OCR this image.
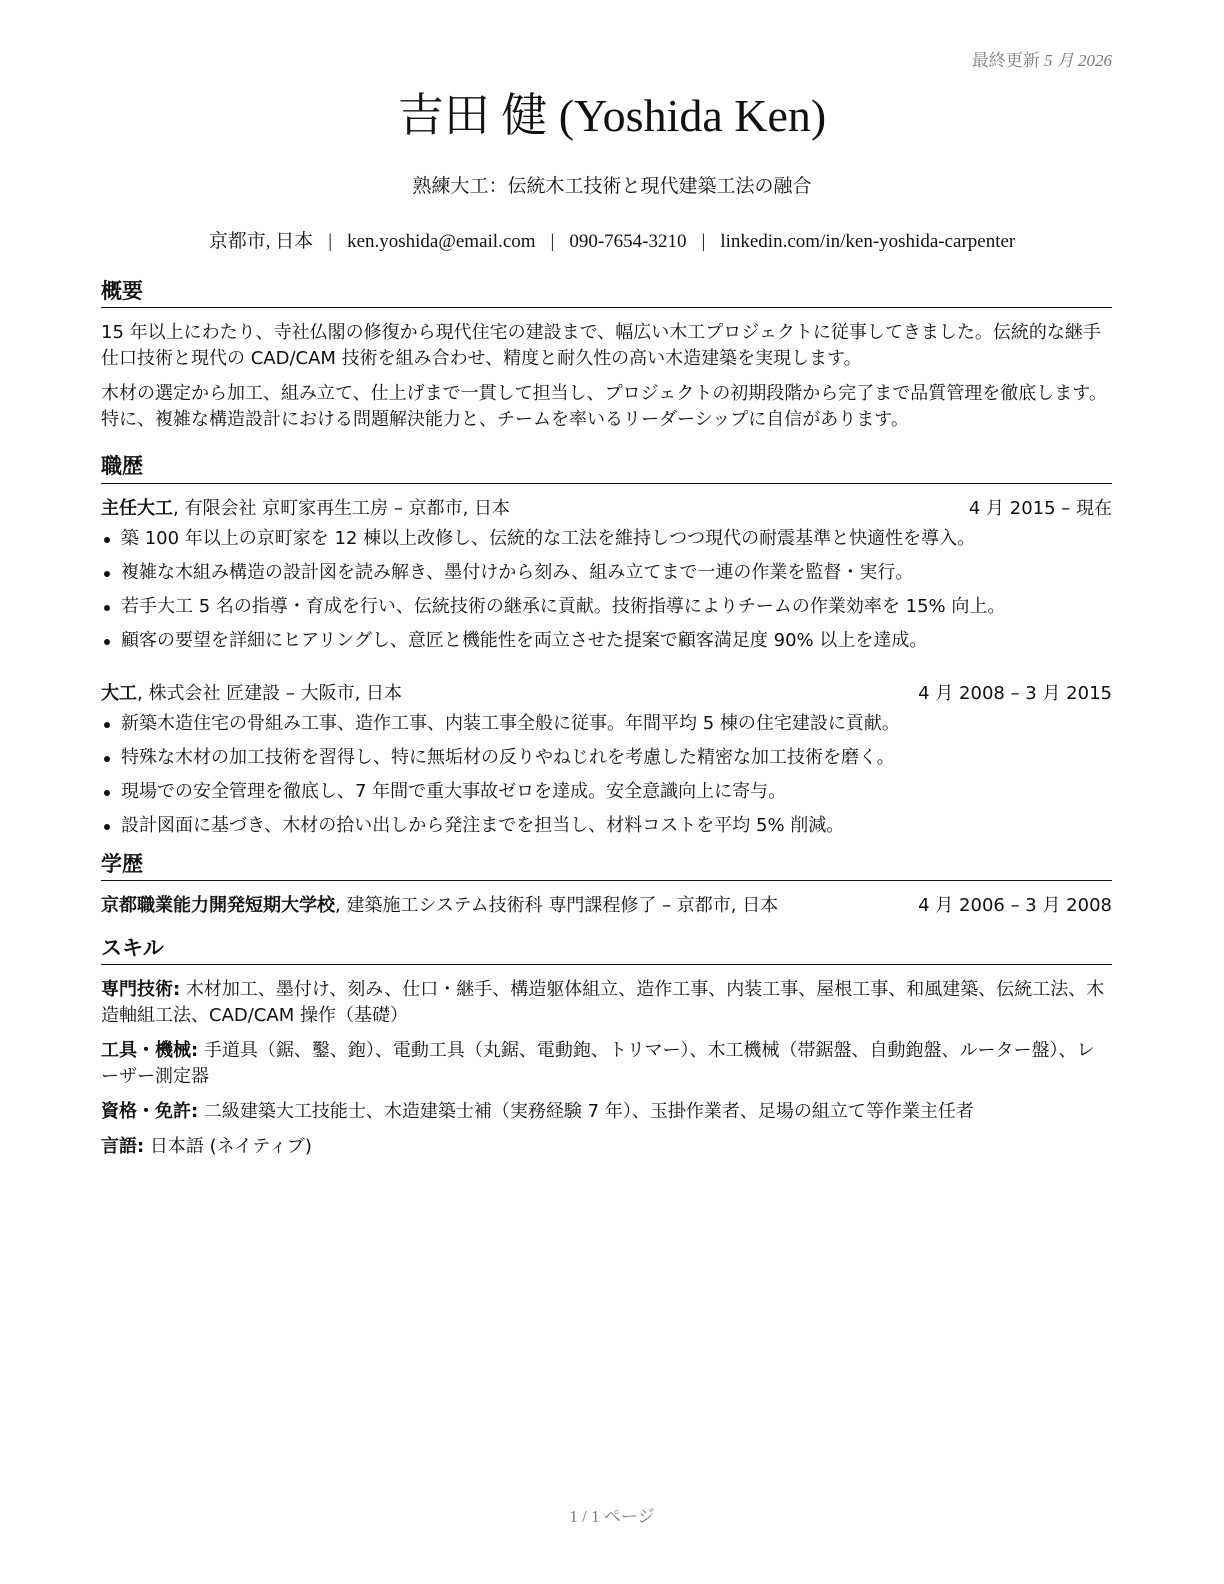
最終更新 5 月 2026
吉田 健 (Yoshida Ken)
熟練大工：伝統木工技術と現代建築工法の融合
京都市, 日本 | ken.yoshida@email.com | 090-7654-3210 | linkedin.com/in/ken-yoshida-carpenter
概要

15 年以上にわたり、寺社仏閣の修復から現代住宅の建設まで、幅広い木工プロジェクトに従事してきました。伝統的な継手仕口技術と現代の CAD/CAM 技術を組み合わせ、精度と耐久性の高い木造建築を実現します。

木材の選定から加工、組み立て、仕上げまで一貫して担当し、プロジェクトの初期段階から完了まで品質管理を徹底します。特に、複雑な構造設計における問題解決能力と、チームを率いるリーダーシップに自信があります。

職歴
主任大工, 有限会社 京町家再生工房 – 京都市, 日本	4 月 2015 – 現在
築 100 年以上の京町家を 12 棟以上改修し、伝統的な工法を維持しつつ現代の耐震基準と快適性を導入。
複雑な木組み構造の設計図を読み解き、墨付けから刻み、組み立てまで一連の作業を監督・実行。
若手大工 5 名の指導・育成を行い、伝統技術の継承に貢献。技術指導によりチームの作業効率を 15% 向上。
顧客の要望を詳細にヒアリングし、意匠と機能性を両立させた提案で顧客満足度 90% 以上を達成。
大工, 株式会社 匠建設 – 大阪市, 日本	4 月 2008 – 3 月 2015
新築木造住宅の骨組み工事、造作工事、内装工事全般に従事。年間平均 5 棟の住宅建設に貢献。
特殊な木材の加工技術を習得し、特に無垢材の反りやねじれを考慮した精密な加工技術を磨く。
現場での安全管理を徹底し、7 年間で重大事故ゼロを達成。安全意識向上に寄与。
設計図面に基づき、木材の拾い出しから発注までを担当し、材料コストを平均 5% 削減。
学歴
京都職業能力開発短期大学校, 建築施工システム技術科 専門課程修了 – 京都市, 日本	4 月 2006 – 3 月 2008
スキル
専門技術: 木材加工、墨付け、刻み、仕口・継手、構造躯体組立、造作工事、内装工事、屋根工事、和風建築、伝統工法、木造軸組工法、CAD/CAM 操作（基礎）
工具・機械: 手道具（鋸、鑿、鉋）、電動工具（丸鋸、電動鉋、トリマー）、木工機械（帯鋸盤、自動鉋盤、ルーター盤）、レーザー測定器
資格・免許: 二級建築大工技能士、木造建築士補（実務経験 7 年）、玉掛作業者、足場の組立て等作業主任者
言語: 日本語 (ネイティブ)
1 / 1 ページ
